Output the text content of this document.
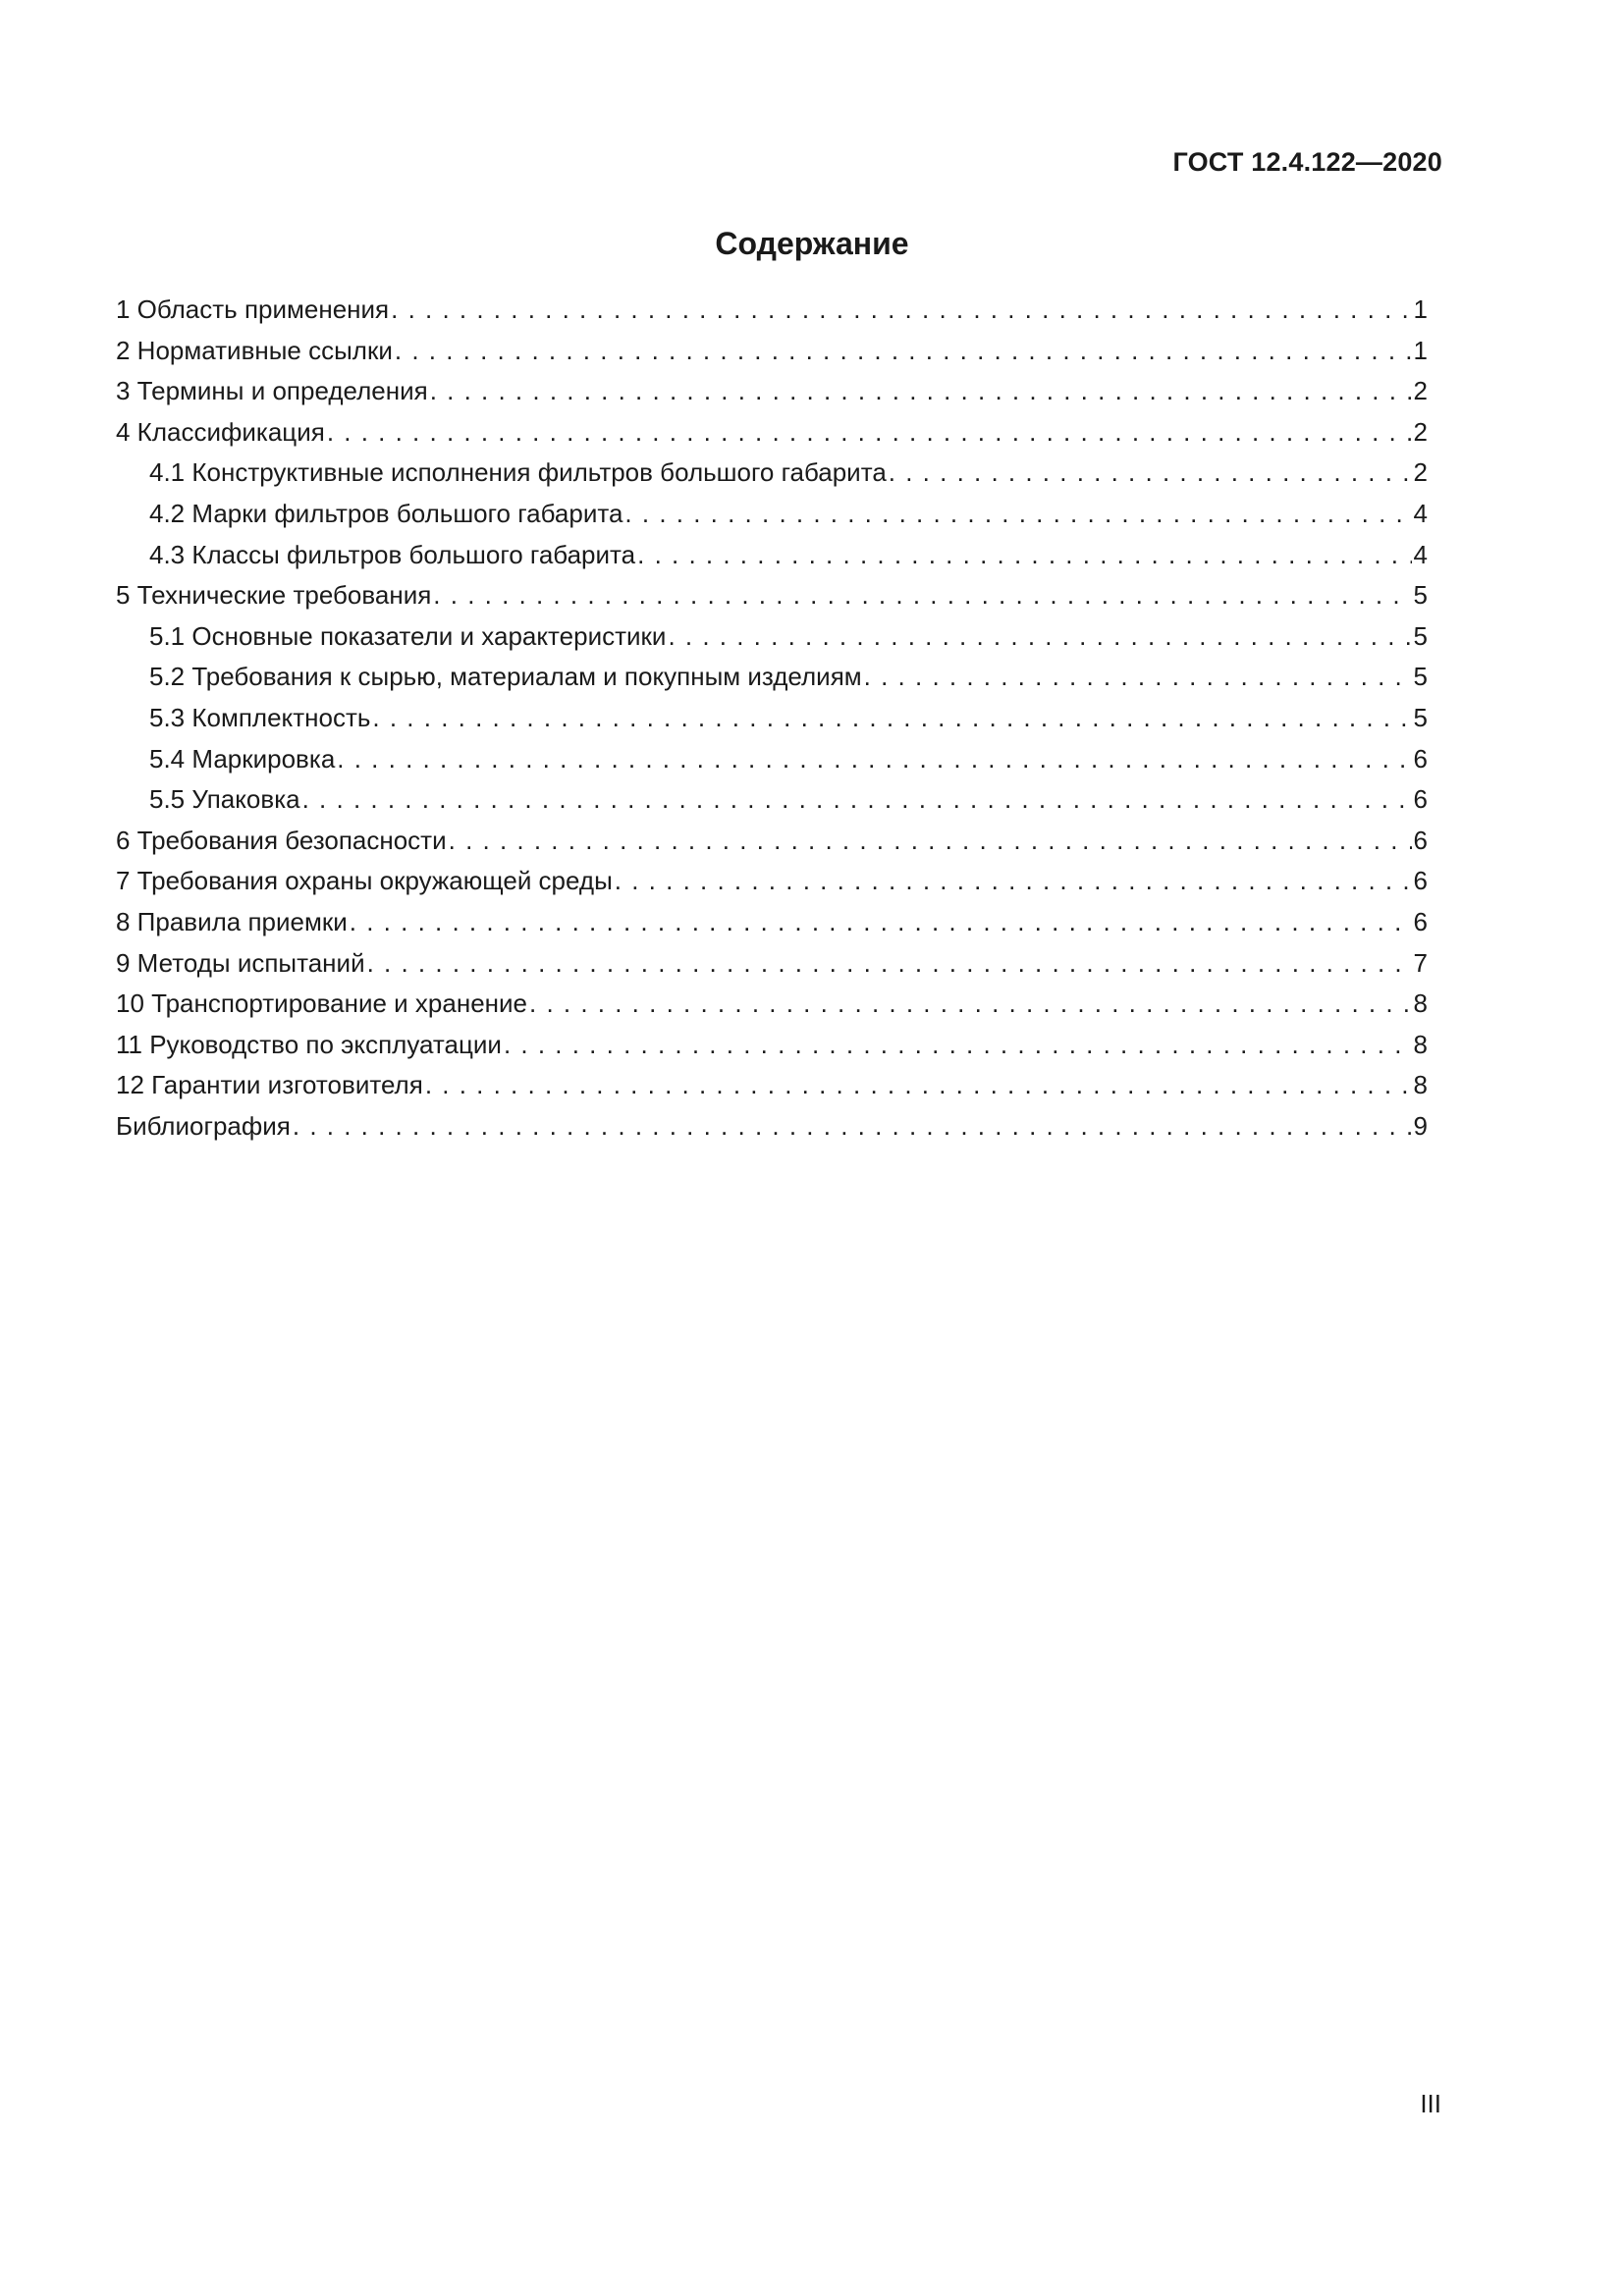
ГОСТ 12.4.122—2020
Содержание
1 Область применения . . .	1
2 Нормативные ссылки . . .	1
3 Термины и определения . . .	2
4 Классификация . . .	2
4.1 Конструктивные исполнения фильтров большого габарита . . .	2
4.2 Марки фильтров большого габарита . . .	4
4.3 Классы фильтров большого габарита . . .	4
5 Технические требования . . .	5
5.1 Основные показатели и характеристики . . .	5
5.2 Требования к сырью, материалам и покупным изделиям . . .	5
5.3 Комплектность . . .	5
5.4 Маркировка . . .	6
5.5 Упаковка . . .	6
6 Требования безопасности . . .	6
7 Требования охраны окружающей среды . . .	6
8 Правила приемки . . .	6
9 Методы испытаний . . .	7
10 Транспортирование и хранение . . .	8
11 Руководство по эксплуатации . . .	8
12 Гарантии изготовителя . . .	8
Библиография . . .	9
III
